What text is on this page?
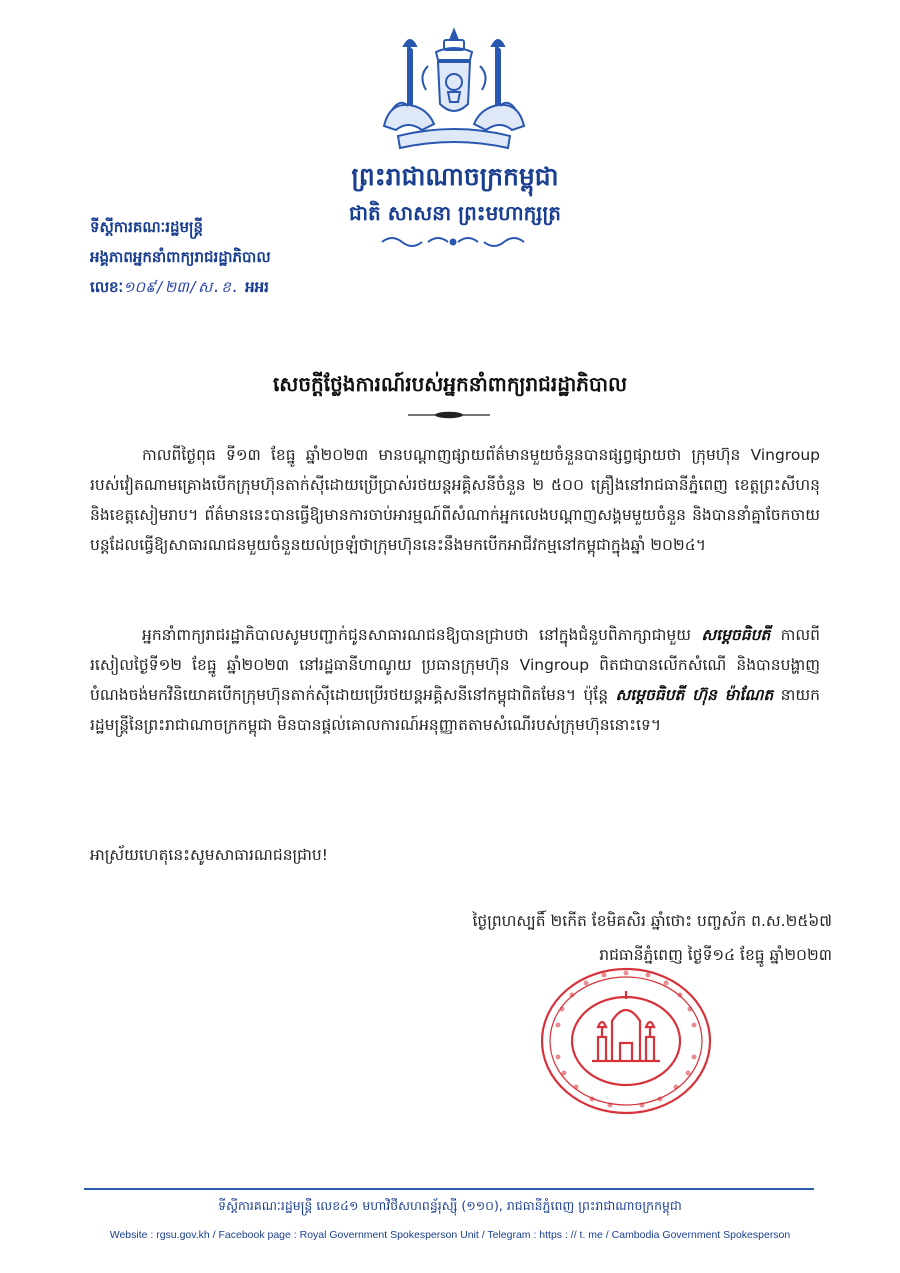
ព្រះរាជាណាចក្រកម្ពុជា
ជាតិ សាសនា ព្រះមហាក្សត្រ
ទីស្តីការគណៈរដ្ឋមន្ត្រី
អង្គភាពអ្នកនាំពាក្យរាជរដ្ឋាភិបាល
លេខៈ១០៩/២៣/ស.ខ. អអរ
សេចក្តីថ្លែងការណ៍របស់អ្នកនាំពាក្យរាជរដ្ឋាភិបាល
កាលពីថ្ងៃពុធ ទី១៣ ខែធ្នូ ឆ្នាំ២០២៣ មានបណ្តាញផ្សាយព័ត៌មានមួយចំនួនបានផ្សព្វផ្សាយថា ក្រុមហ៊ុន Vingroup របស់វៀតណាមគ្រោងបើកក្រុមហ៊ុនតាក់ស៊ីដោយប្រើប្រាស់រថយន្តអគ្គិសនីចំនួន ២ ៥០០ គ្រឿងនៅរាជធានីភ្នំពេញ ខេត្តព្រះសីហនុ និងខេត្តសៀមរាប។ ព័ត៌មាននេះបានធ្វើឱ្យមានការចាប់អារម្មណ៍ពីសំណាក់អ្នកលេងបណ្តាញសង្គមមួយចំនួន និងបាននាំគ្នាចែកចាយបន្តដែលធ្វើឱ្យសាធារណជនមួយចំនួនយល់ច្រឡំថាក្រុមហ៊ុននេះនឹងមកបើកអាជីវកម្មនៅកម្ពុជាក្នុងឆ្នាំ ២០២៤។
អ្នកនាំពាក្យរាជរដ្ឋាភិបាលសូមបញ្ជាក់ជូនសាធារណជនឱ្យបានជ្រាបថា នៅក្នុងជំនួបពិភាក្សាជាមួយ សម្តេចធិបតី កាលពីរសៀលថ្ងៃទី១២ ខែធ្នូ ឆ្នាំ២០២៣ នៅរដ្ឋធានីហាណូយ ប្រធានក្រុមហ៊ុន Vingroup ពិតជាបានលើកសំណើ និងបានបង្ហាញបំណងចង់មកវិនិយោគបើកក្រុមហ៊ុនតាក់ស៊ីដោយប្រើរថយន្តអគ្គិសនីនៅកម្ពុជាពិតមែន។ ប៉ុន្តែ សម្តេចធិបតី ហ៊ុន ម៉ាណែត នាយករដ្ឋមន្ត្រីនៃព្រះរាជាណាចក្រកម្ពុជា មិនបានផ្តល់គោលការណ៍អនុញ្ញាតតាមសំណើរបស់ក្រុមហ៊ុននោះទេ។
អាស្រ័យហេតុនេះសូមសាធារណជនជ្រាប!
ថ្ងៃព្រហស្បតិ៍ ២កើត ខែមិគសិរ ឆ្នាំថោះ បញ្ចស័ក ព.ស.២៥៦៧
រាជធានីភ្នំពេញ ថ្ងៃទី១៤ ខែធ្នូ ឆ្នាំ២០២៣
ទីស្តីការគណៈរដ្ឋមន្ត្រី លេខ៤១ មហាវិថីសហពន្ធ័រុស្ស៊ី (១១០), រាជធានីភ្នំពេញ ព្រះរាជាណាចក្រកម្ពុជា
Website : rgsu.gov.kh / Facebook page : Royal Government Spokesperson Unit / Telegram : https : // t. me / Cambodia Government Spokesperson
